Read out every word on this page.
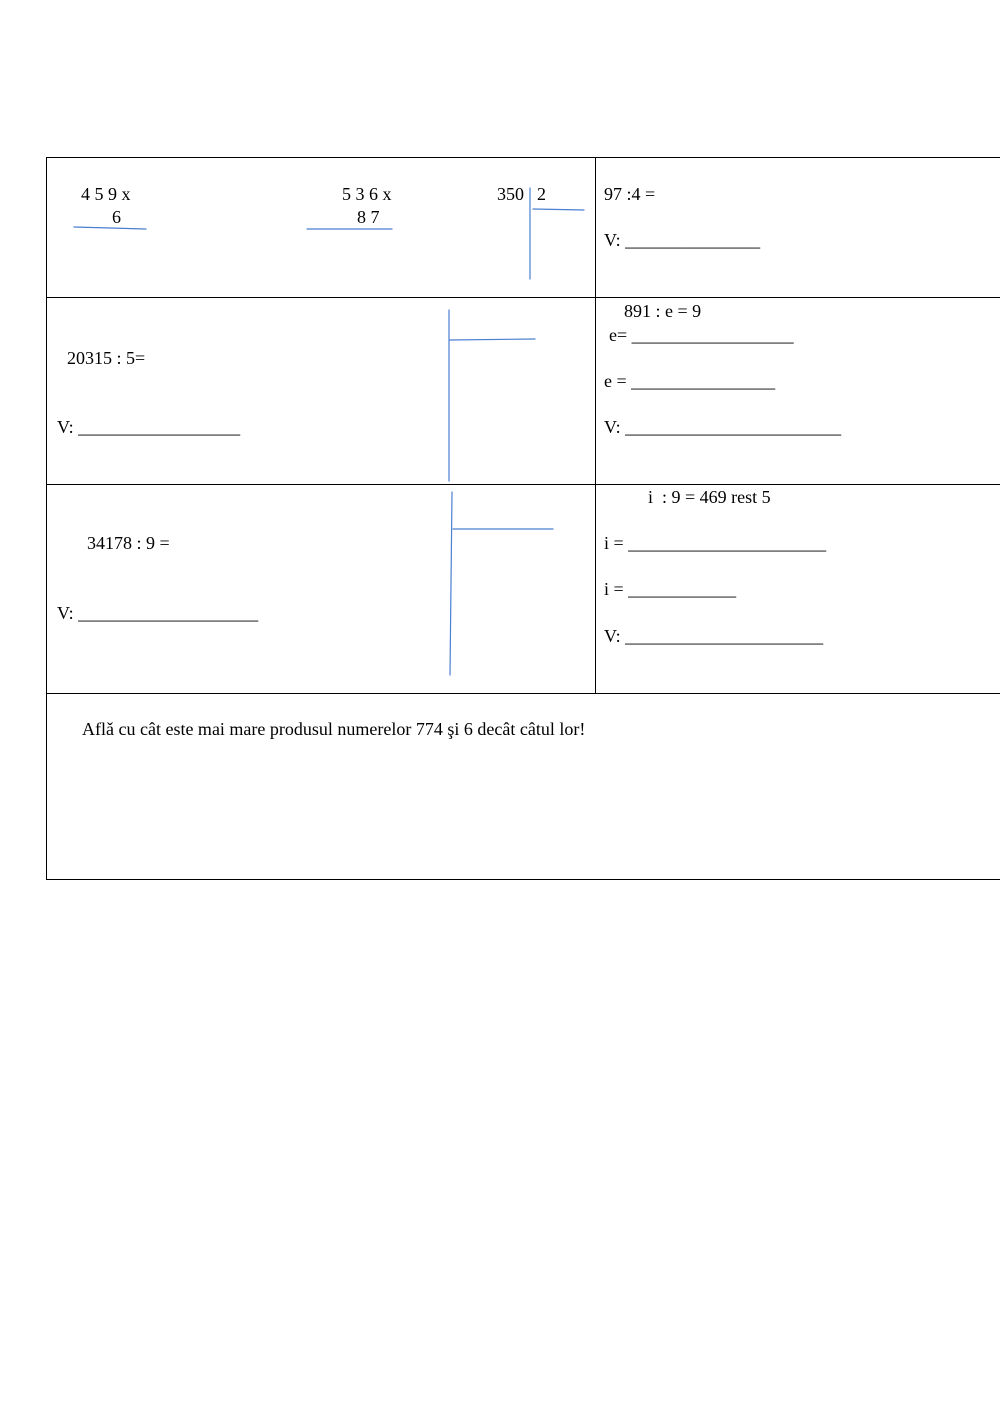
4 5 9 x
6
5 3 6 x
8 7
350 2	97 :4 =
V: _______________
20315 : 5=
V: __________________
891 : e = 9
e= __________________
e = ________________
V: ________________________
34178 : 9 =
V: ____________________
i  : 9 = 469 rest 5
i = ______________________
i = ____________
V: ______________________
Aflǎ cu cât este mai mare produsul numerelor 774 şi 6 decât câtul lor!
